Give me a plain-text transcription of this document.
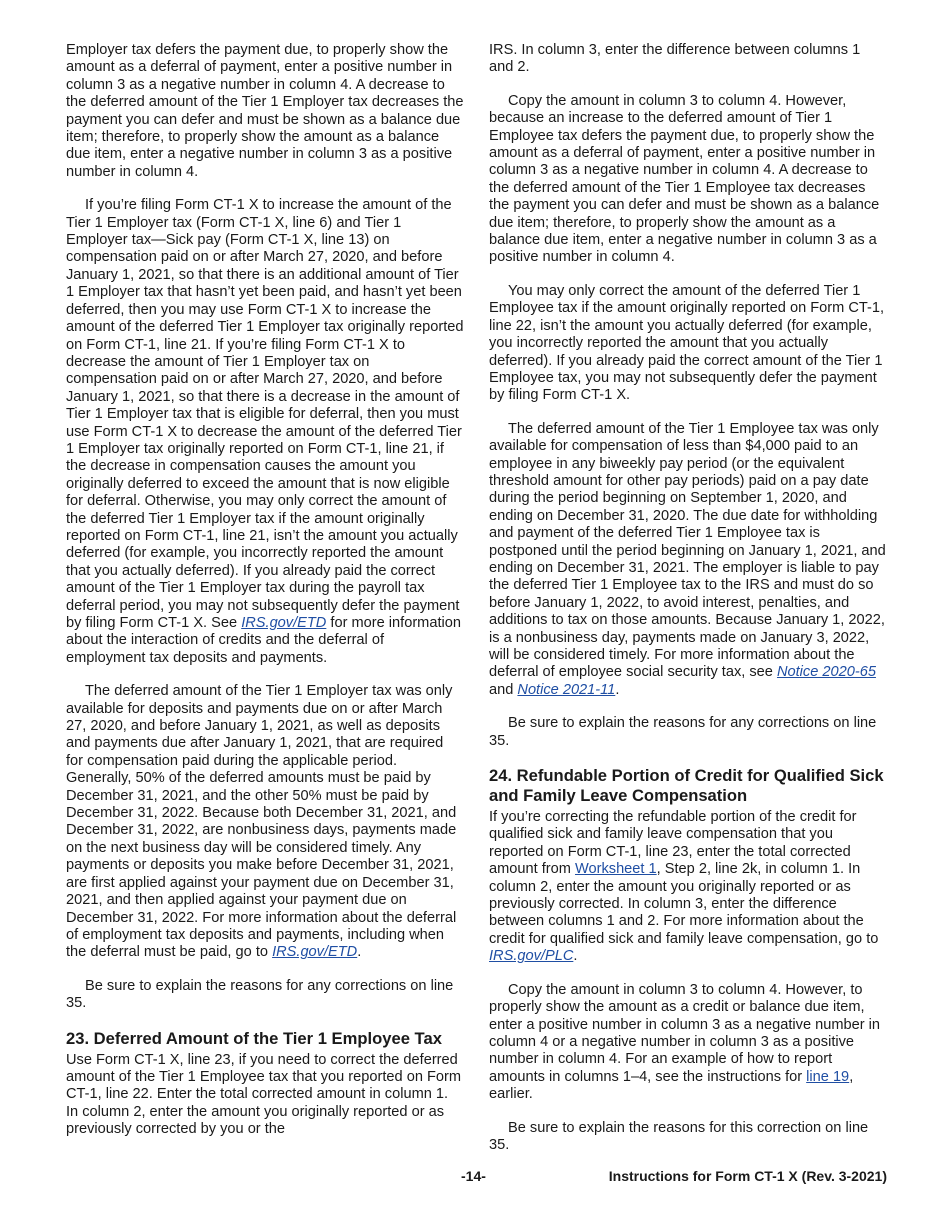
Employer tax defers the payment due, to properly show the amount as a deferral of payment, enter a positive number in column 3 as a negative number in column 4. A decrease to the deferred amount of the Tier 1 Employer tax decreases the payment you can defer and must be shown as a balance due item; therefore, to properly show the amount as a balance due item, enter a negative number in column 3 as a positive number in column 4.

If you’re filing Form CT-1 X to increase the amount of the Tier 1 Employer tax (Form CT-1 X, line 6) and Tier 1 Employer tax—Sick pay (Form CT-1 X, line 13) on compensation paid on or after March 27, 2020, and before January 1, 2021, so that there is an additional amount of Tier 1 Employer tax that hasn’t yet been paid, and hasn’t yet been deferred, then you may use Form CT-1 X to increase the amount of the deferred Tier 1 Employer tax originally reported on Form CT-1, line 21. If you’re filing Form CT-1 X to decrease the amount of Tier 1 Employer tax on compensation paid on or after March 27, 2020, and before January 1, 2021, so that there is a decrease in the amount of Tier 1 Employer tax that is eligible for deferral, then you must use Form CT-1 X to decrease the amount of the deferred Tier 1 Employer tax originally reported on Form CT-1, line 21, if the decrease in compensation causes the amount you originally deferred to exceed the amount that is now eligible for deferral. Otherwise, you may only correct the amount of the deferred Tier 1 Employer tax if the amount originally reported on Form CT-1, line 21, isn’t the amount you actually deferred (for example, you incorrectly reported the amount that you actually deferred). If you already paid the correct amount of the Tier 1 Employer tax during the payroll tax deferral period, you may not subsequently defer the payment by filing Form CT-1 X. See IRS.gov/ETD for more information about the interaction of credits and the deferral of employment tax deposits and payments.

The deferred amount of the Tier 1 Employer tax was only available for deposits and payments due on or after March 27, 2020, and before January 1, 2021, as well as deposits and payments due after January 1, 2021, that are required for compensation paid during the applicable period. Generally, 50% of the deferred amounts must be paid by December 31, 2021, and the other 50% must be paid by December 31, 2022. Because both December 31, 2021, and December 31, 2022, are nonbusiness days, payments made on the next business day will be considered timely. Any payments or deposits you make before December 31, 2021, are first applied against your payment due on December 31, 2021, and then applied against your payment due on December 31, 2022. For more information about the deferral of employment tax deposits and payments, including when the deferral must be paid, go to IRS.gov/ETD.

Be sure to explain the reasons for any corrections on line 35.

23. Deferred Amount of the Tier 1 Employee Tax

Use Form CT-1 X, line 23, if you need to correct the deferred amount of the Tier 1 Employee tax that you reported on Form CT-1, line 22. Enter the total corrected amount in column 1. In column 2, enter the amount you originally reported or as previously corrected by you or the

IRS. In column 3, enter the difference between columns 1 and 2.

Copy the amount in column 3 to column 4. However, because an increase to the deferred amount of Tier 1 Employee tax defers the payment due, to properly show the amount as a deferral of payment, enter a positive number in column 3 as a negative number in column 4. A decrease to the deferred amount of the Tier 1 Employee tax decreases the payment you can defer and must be shown as a balance due item; therefore, to properly show the amount as a balance due item, enter a negative number in column 3 as a positive number in column 4.

You may only correct the amount of the deferred Tier 1 Employee tax if the amount originally reported on Form CT-1, line 22, isn’t the amount you actually deferred (for example, you incorrectly reported the amount that you actually deferred). If you already paid the correct amount of the Tier 1 Employee tax, you may not subsequently defer the payment by filing Form CT-1 X.

The deferred amount of the Tier 1 Employee tax was only available for compensation of less than $4,000 paid to an employee in any biweekly pay period (or the equivalent threshold amount for other pay periods) paid on a pay date during the period beginning on September 1, 2020, and ending on December 31, 2020. The due date for withholding and payment of the deferred Tier 1 Employee tax is postponed until the period beginning on January 1, 2021, and ending on December 31, 2021. The employer is liable to pay the deferred Tier 1 Employee tax to the IRS and must do so before January 1, 2022, to avoid interest, penalties, and additions to tax on those amounts. Because January 1, 2022, is a nonbusiness day, payments made on January 3, 2022, will be considered timely. For more information about the deferral of employee social security tax, see Notice 2020-65 and Notice 2021-11.

Be sure to explain the reasons for any corrections on line 35.

24. Refundable Portion of Credit for Qualified Sick and Family Leave Compensation

If you’re correcting the refundable portion of the credit for qualified sick and family leave compensation that you reported on Form CT-1, line 23, enter the total corrected amount from Worksheet 1, Step 2, line 2k, in column 1. In column 2, enter the amount you originally reported or as previously corrected. In column 3, enter the difference between columns 1 and 2. For more information about the credit for qualified sick and family leave compensation, go to IRS.gov/PLC.

Copy the amount in column 3 to column 4. However, to properly show the amount as a credit or balance due item, enter a positive number in column 3 as a negative number in column 4 or a negative number in column 3 as a positive number in column 4. For an example of how to report amounts in columns 1–4, see the instructions for line 19, earlier.

Be sure to explain the reasons for this correction on line 35.

-14-	Instructions for Form CT-1 X (Rev. 3-2021)
